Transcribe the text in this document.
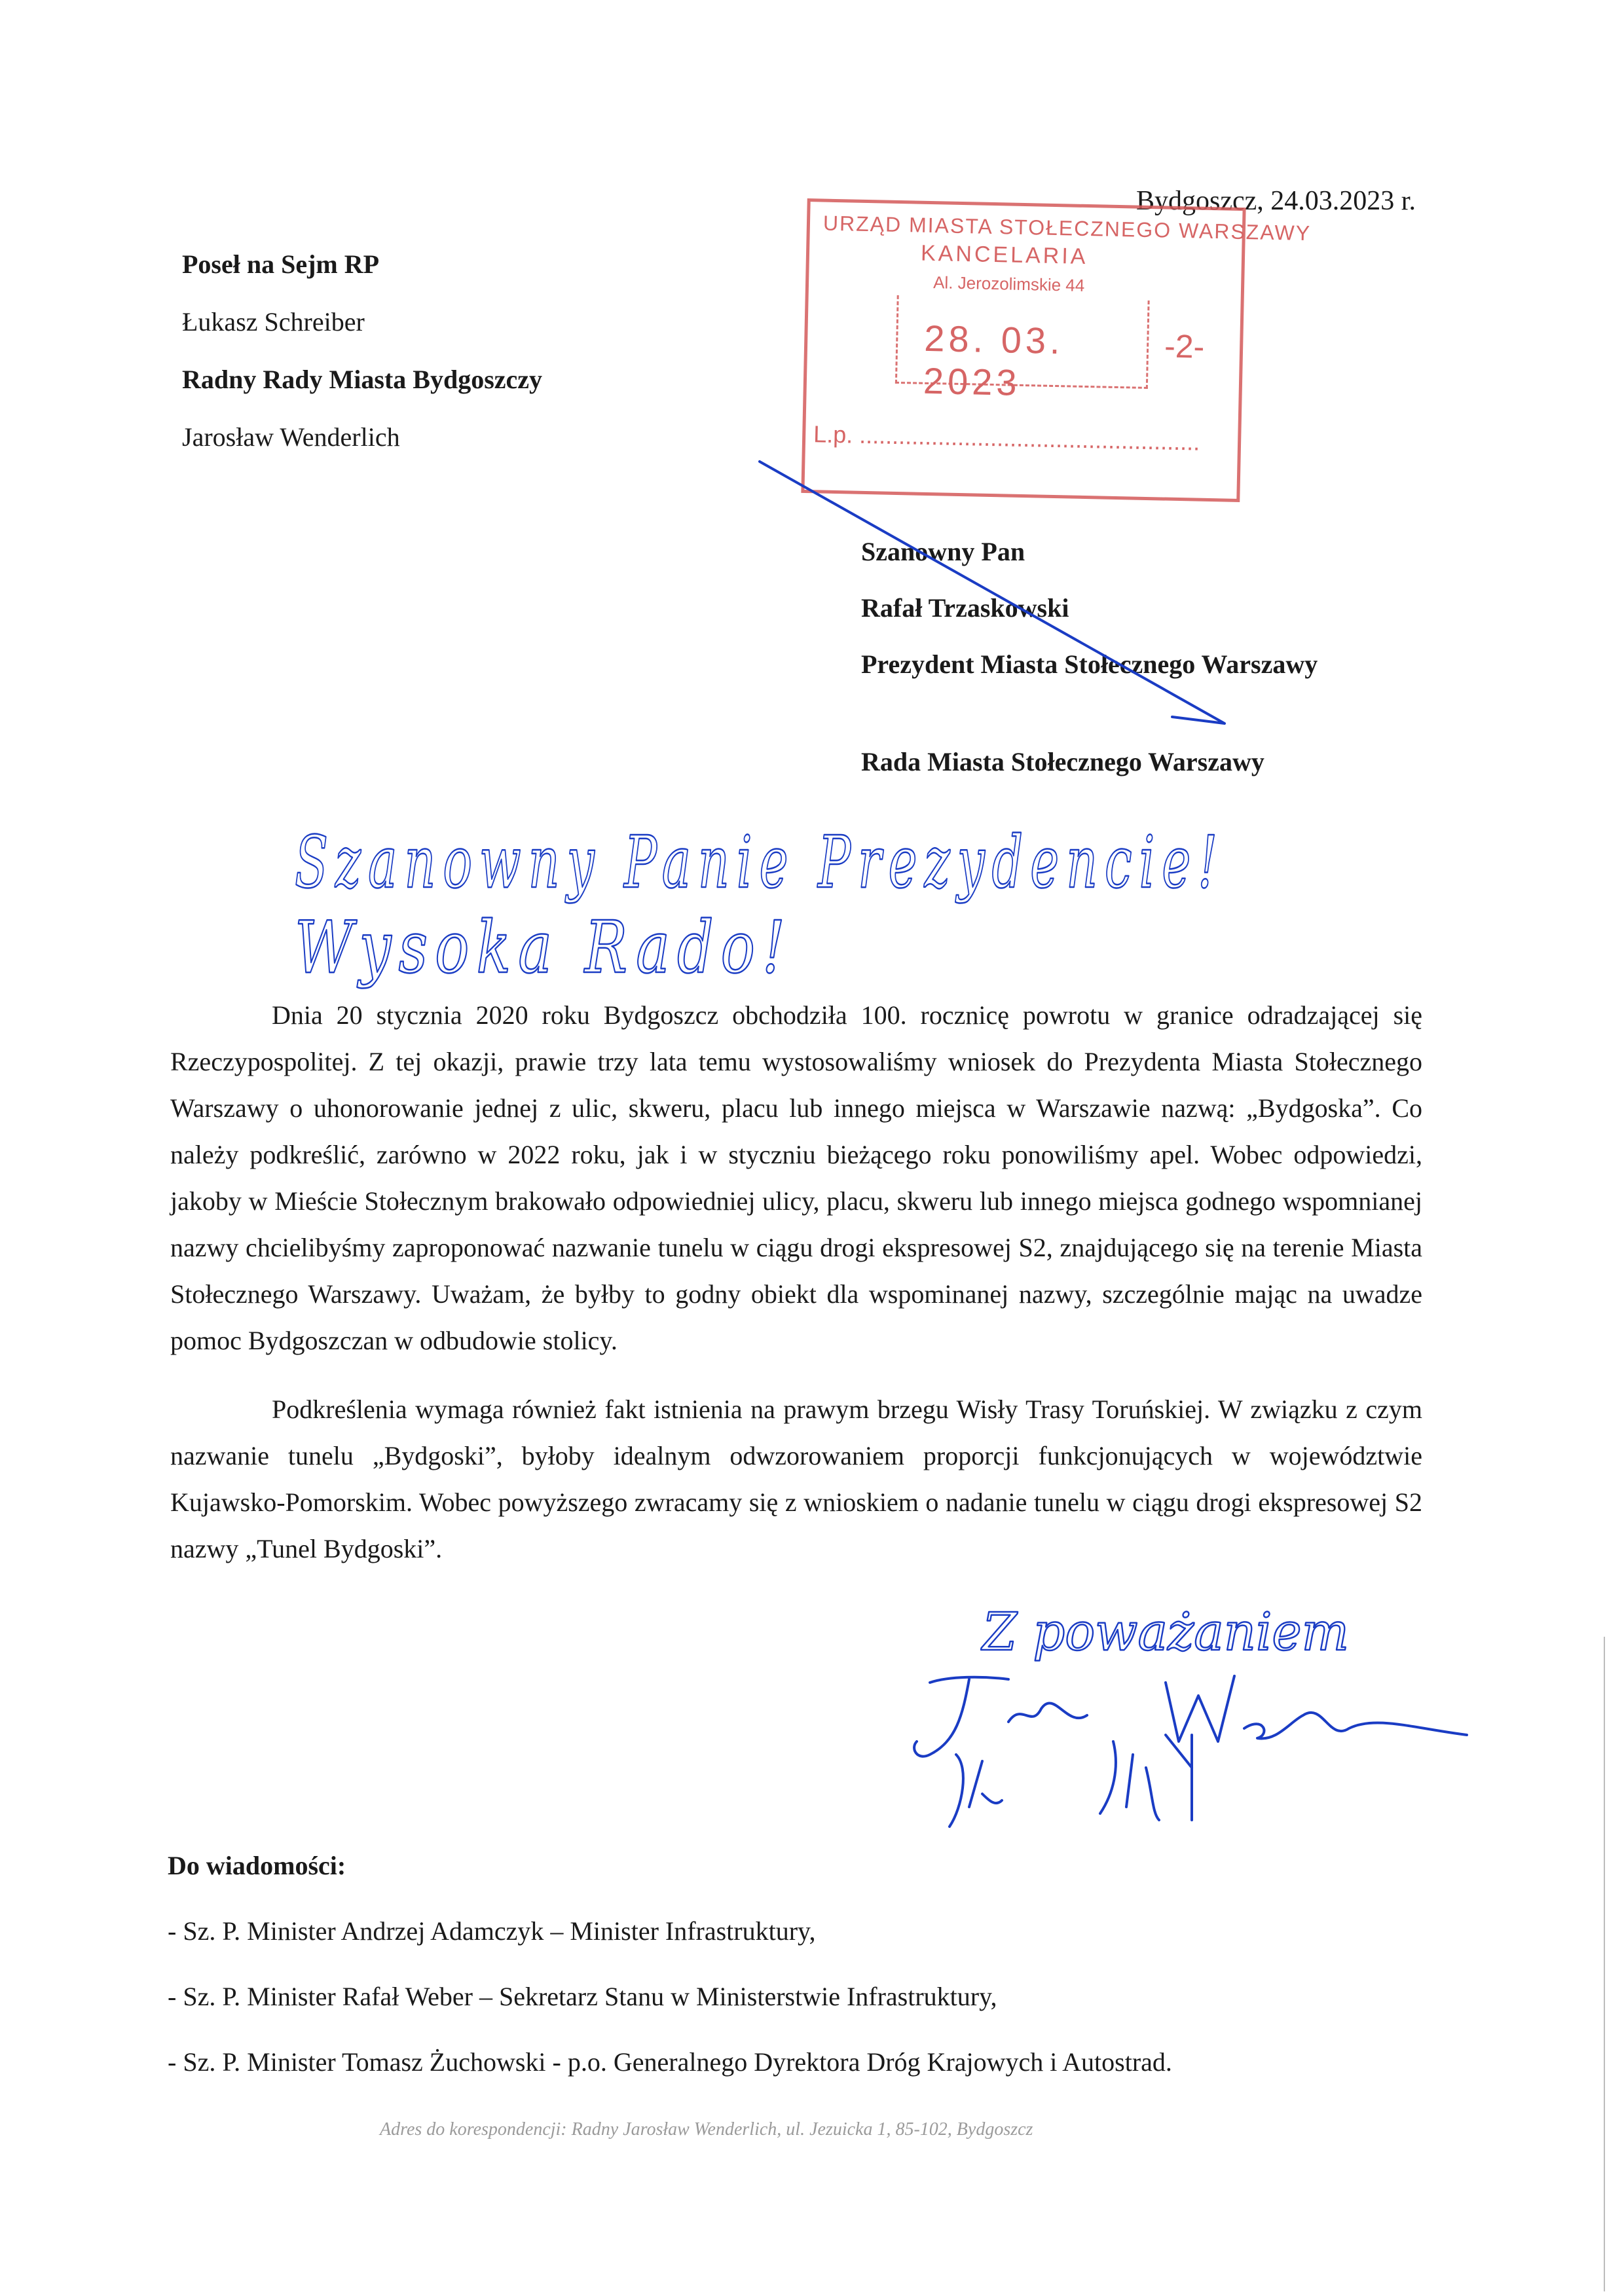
Bydgoszcz, 24.03.2023 r.
Poseł na Sejm RP
Łukasz Schreiber
Radny Rady Miasta Bydgoszczy
Jarosław Wenderlich
URZĄD MIASTA STOŁECZNEGO WARSZAWY
KANCELARIA
Al. Jerozolimskie 44
28. 03. 2023
-2-
L.p. ....................................................
Szanowny Pan
Rafał Trzaskowski
Prezydent Miasta Stołecznego Warszawy
Rada Miasta Stołecznego Warszawy

Dnia 20 stycznia 2020 roku Bydgoszcz obchodziła 100. rocznicę powrotu w granice odradzającej się Rzeczypospolitej. Z tej okazji, prawie trzy lata temu wystosowaliśmy wniosek do Prezydenta Miasta Stołecznego Warszawy o uhonorowanie jednej z ulic, skweru, placu lub innego miejsca w Warszawie nazwą: „Bydgoska”. Co należy podkreślić, zarówno w 2022 roku, jak i w styczniu bieżącego roku ponowiliśmy apel. Wobec odpowiedzi, jakoby w Mieście Stołecznym brakowało odpowiedniej ulicy, placu, skweru lub innego miejsca godnego wspomnianej nazwy chcielibyśmy zaproponować nazwanie tunelu w ciągu drogi ekspresowej S2, znajdującego się na terenie Miasta Stołecznego Warszawy. Uważam, że byłby to godny obiekt dla wspominanej nazwy, szczególnie mając na uwadze pomoc Bydgoszczan w odbudowie stolicy.

Podkreślenia wymaga również fakt istnienia na prawym brzegu Wisły Trasy Toruńskiej. W związku z czym nazwanie tunelu „Bydgoski”, byłoby idealnym odwzorowaniem proporcji funkcjonujących w województwie Kujawsko-Pomorskim. Wobec powyższego zwracamy się z wnioskiem o nadanie tunelu w ciągu drogi ekspresowej S2 nazwy „Tunel Bydgoski”.

Do wiadomości:
- Sz. P. Minister Andrzej Adamczyk – Minister Infrastruktury,
- Sz. P. Minister Rafał Weber – Sekretarz Stanu w Ministerstwie Infrastruktury,
- Sz. P. Minister Tomasz Żuchowski - p.o. Generalnego Dyrektora Dróg Krajowych i Autostrad.
Adres do korespondencji: Radny Jarosław Wenderlich, ul. Jezuicka 1, 85-102, Bydgoszcz
Szanowny Panie Prezydencie!
Wysoka Rado!
Z poważaniem
